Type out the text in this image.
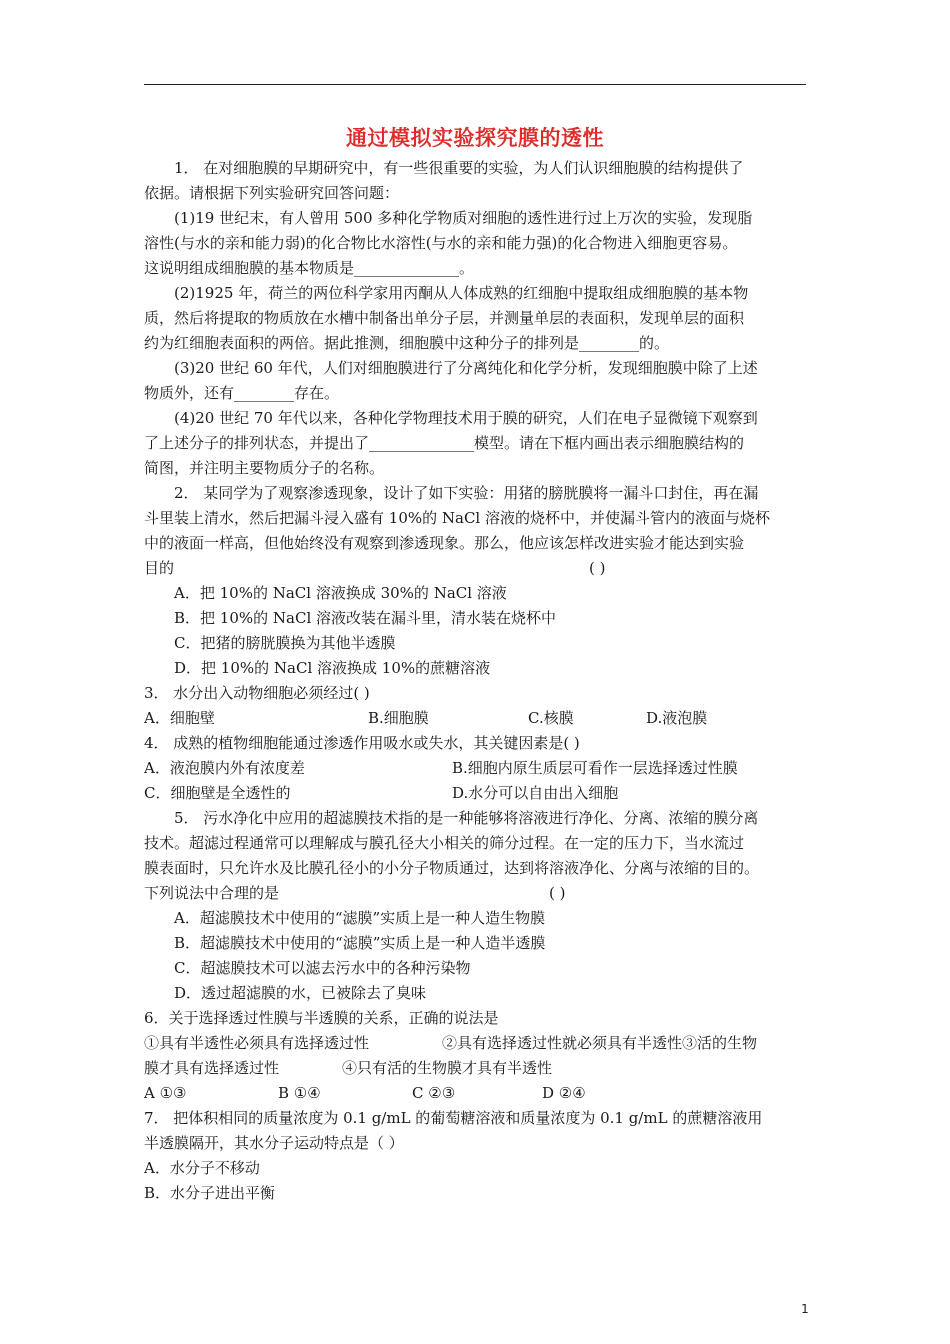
通过模拟实验探究膜的透性

1． 在对细胞膜的早期研究中，有一些很重要的实验，为人们认识细胞膜的结构提供了

依据。请根据下列实验研究回答问题：

(1)19 世纪末，有人曾用 500 多种化学物质对细胞的透性进行过上万次的实验，发现脂

溶性(与水的亲和能力弱)的化合物比水溶性(与水的亲和能力强)的化合物进入细胞更容易。

这说明组成细胞膜的基本物质是______________。

(2)1925 年，荷兰的两位科学家用丙酮从人体成熟的红细胞中提取组成细胞膜的基本物

质，然后将提取的物质放在水槽中制备出单分子层，并测量单层的表面积，发现单层的面积

约为红细胞表面积的两倍。据此推测，细胞膜中这种分子的排列是________的。

(3)20 世纪 60 年代，人们对细胞膜进行了分离纯化和化学分析，发现细胞膜中除了上述

物质外，还有________存在。

(4)20 世纪 70 年代以来，各种化学物理技术用于膜的研究，人们在电子显微镜下观察到

了上述分子的排列状态，并提出了______________模型。请在下框内画出表示细胞膜结构的

简图，并注明主要物质分子的名称。

2． 某同学为了观察渗透现象，设计了如下实验：用猪的膀胱膜将一漏斗口封住，再在漏

斗里装上清水，然后把漏斗浸入盛有 10%的 NaCl 溶液的烧杯中，并使漏斗管内的液面与烧杯

中的液面一样高，但他始终没有观察到渗透现象。那么，他应该怎样改进实验才能达到实验

目的	( )

A．把 10%的 NaCl 溶液换成 30%的 NaCl 溶液

B．把 10%的 NaCl 溶液改装在漏斗里，清水装在烧杯中

C．把猪的膀胱膜换为其他半透膜

D．把 10%的 NaCl 溶液换成 10%的蔗糖溶液

3． 水分出入动物细胞必须经过( )

A．细胞壁	B.细胞膜	C.核膜	D.液泡膜

4． 成熟的植物细胞能通过渗透作用吸水或失水，其关键因素是( )

A．液泡膜内外有浓度差	B.细胞内原生质层可看作一层选择透过性膜
C．细胞壁是全透性的	D.水分可以自由出入细胞

5． 污水净化中应用的超滤膜技术指的是一种能够将溶液进行净化、分离、浓缩的膜分离

技术。超滤过程通常可以理解成与膜孔径大小相关的筛分过程。在一定的压力下，当水流过

膜表面时，只允许水及比膜孔径小的小分子物质通过，达到将溶液净化、分离与浓缩的目的。

下列说法中合理的是	( )

A．超滤膜技术中使用的“滤膜”实质上是一种人造生物膜

B．超滤膜技术中使用的“滤膜”实质上是一种人造半透膜

C．超滤膜技术可以滤去污水中的各种污染物

D．透过超滤膜的水，已被除去了臭味

6．关于选择透过性膜与半透膜的关系，正确的说法是

①具有半透性必须具有选择透过性	②具有选择透过性就必须具有半透性③活的生物
膜才具有选择透过性	④只有活的生物膜才具有半透性
A ①③	B ①④	C ②③	D ②④

7． 把体积相同的质量浓度为 0.1 g/mL 的葡萄糖溶液和质量浓度为 0.1 g/mL 的蔗糖溶液用

半透膜隔开，其水分子运动特点是（ ）

A．水分子不移动

B．水分子进出平衡

1
